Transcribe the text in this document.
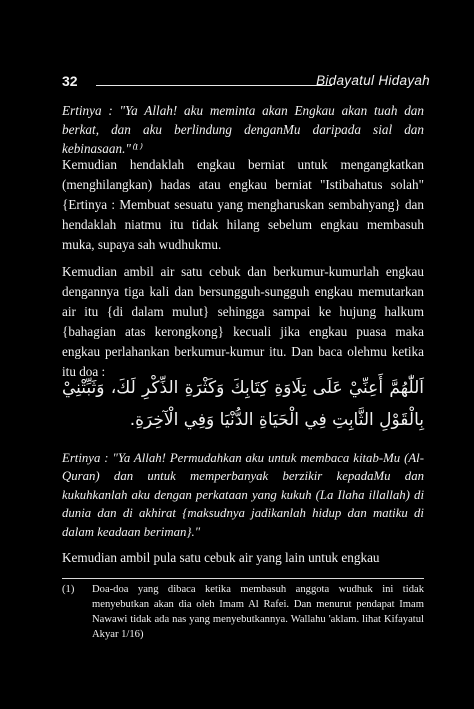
32	Bidayatul Hidayah

Ertinya : "Ya Allah! aku meminta akan Engkau akan tuah dan berkat, dan aku berlindung denganMu daripada sial dan kebinasaan."⁽¹⁾

Kemudian hendaklah engkau berniat untuk mengangkatkan (menghilangkan) hadas atau engkau berniat "Istibahatus solah" {Ertinya : Membuat sesuatu yang mengharuskan sembahyang} dan hendaklah niatmu itu tidak hilang sebelum engkau membasuh muka, supaya sah wudhukmu.

Kemudian ambil air satu cebuk dan berkumur-kumurlah engkau dengannya tiga kali dan bersungguh-sungguh engkau memutarkan air itu {di dalam mulut} sehingga sampai ke hujung halkum {bahagian atas kerongkong} kecuali jika engkau puasa maka engkau perlahankan berkumur-kumur itu. Dan baca olehmu ketika itu doa :

اَللّٰهُمَّ أَعِنِّيْ عَلَى تِلَاوَةِ كِتَابِكَ وَكَثْرَةِ الذِّكْرِ لَكَ، وَثَبِّتْنِيْ

بِالْقَوْلِ الثَّابِتِ فِي الْحَيَاةِ الدُّنْيَا وَفِي الْآخِرَةِ.

Ertinya : "Ya Allah! Permudahkan aku untuk membaca kitab-Mu (Al-Quran) dan untuk memperbanyak berzikir kepadaMu dan kukuhkanlah aku dengan perkataan yang kukuh (La Ilaha illallah) di dunia dan di akhirat {maksudnya jadikanlah hidup dan matiku di dalam keadaan beriman}."

Kemudian ambil pula satu cebuk air yang lain untuk engkau

(1) Doa-doa yang dibaca ketika membasuh anggota wudhuk ini tidak menyebutkan akan dia oleh Imam Al Rafei. Dan menurut pendapat Imam Nawawi tidak ada nas yang menyebutkannya. Wallahu 'aklam. lihat Kifayatul Akyar 1/16)
